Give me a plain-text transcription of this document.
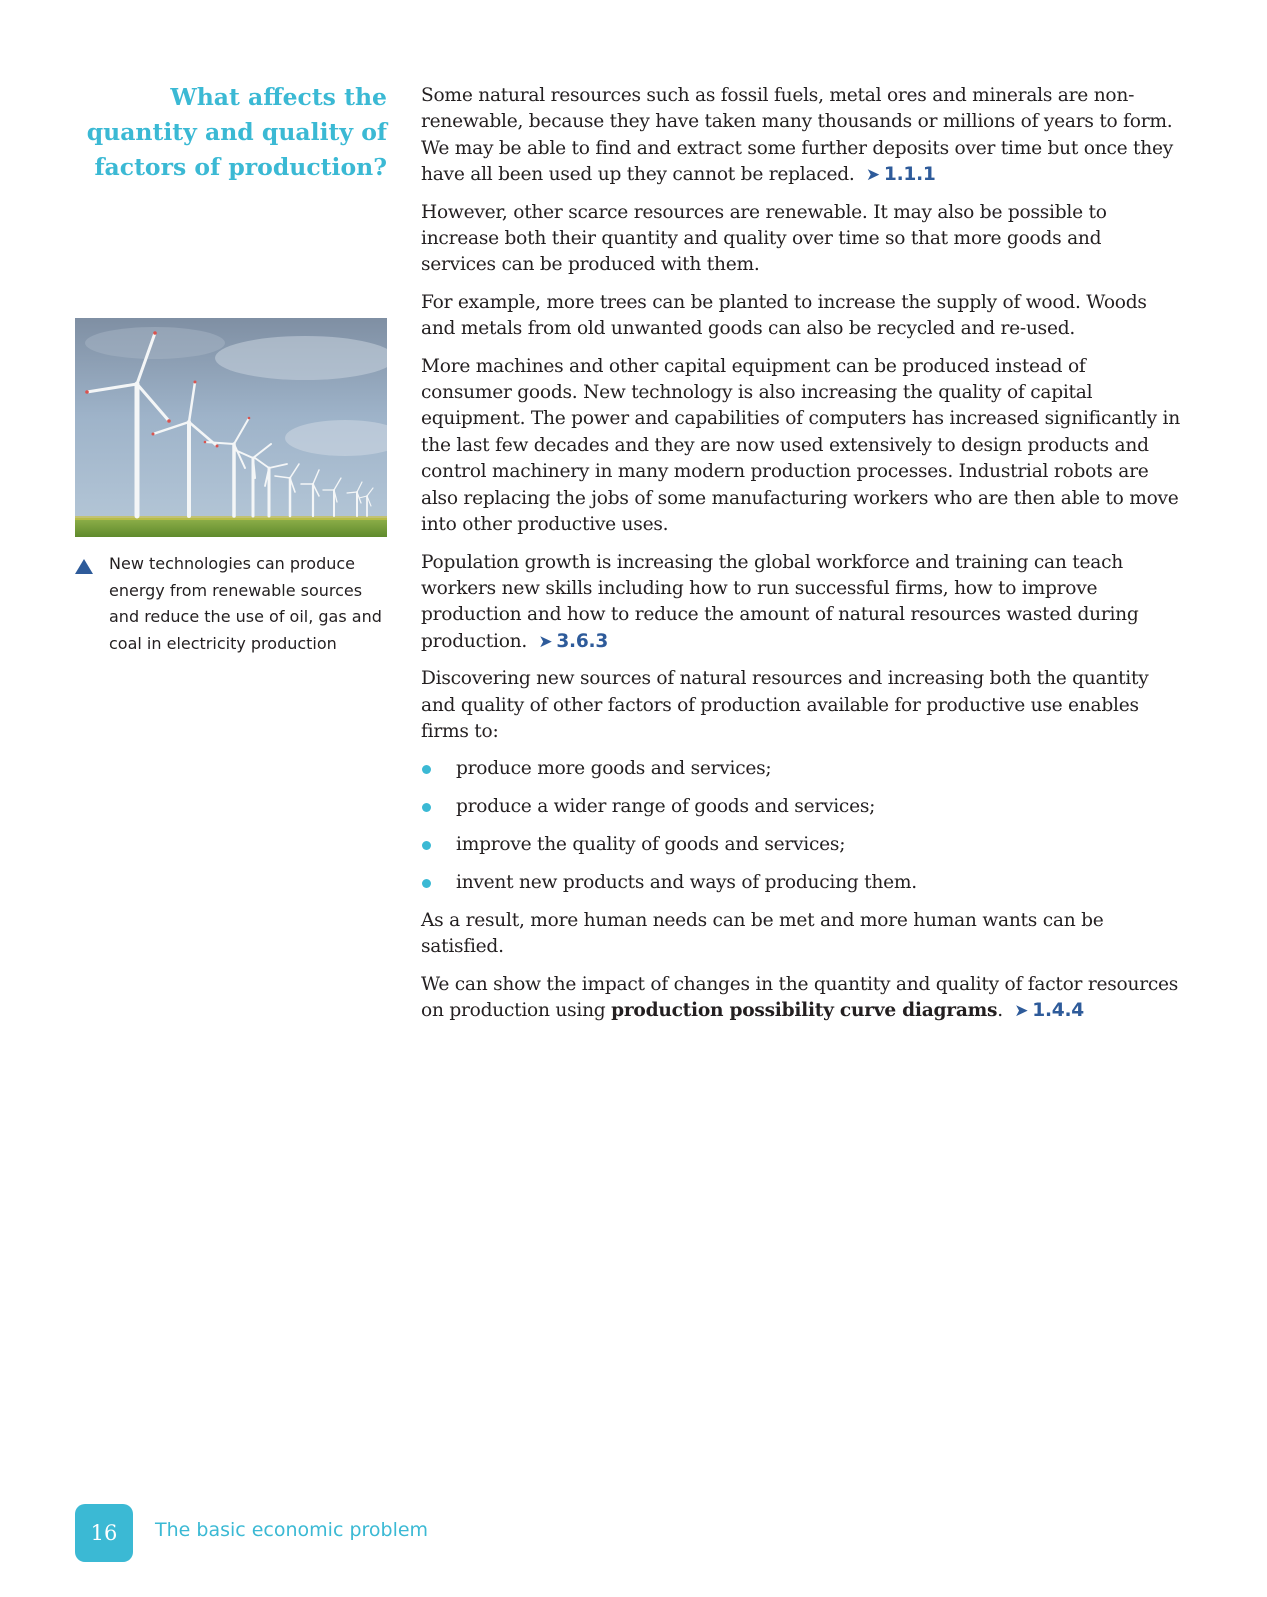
What affects the quantity and quality of factors of production?
New technologies can produce energy from renewable sources and reduce the use of oil, gas and coal in electricity production

Some natural resources such as fossil fuels, metal ores and minerals are non-renewable, because they have taken many thousands or millions of years to form. We may be able to find and extract some further deposits over time but once they have all been used up they cannot be replaced. ➤ 1.1.1

However, other scarce resources are renewable. It may also be possible to increase both their quantity and quality over time so that more goods and services can be produced with them.

For example, more trees can be planted to increase the supply of wood. Woods and metals from old unwanted goods can also be recycled and re-used.

More machines and other capital equipment can be produced instead of consumer goods. New technology is also increasing the quality of capital equipment. The power and capabilities of computers has increased significantly in the last few decades and they are now used extensively to design products and control machinery in many modern production processes. Industrial robots are also replacing the jobs of some manufacturing workers who are then able to move into other productive uses.

Population growth is increasing the global workforce and training can teach workers new skills including how to run successful firms, how to improve production and how to reduce the amount of natural resources wasted during production. ➤ 3.6.3

Discovering new sources of natural resources and increasing both the quantity and quality of other factors of production available for productive use enables firms to:

produce more goods and services;
produce a wider range of goods and services;
improve the quality of goods and services;
invent new products and ways of producing them.

As a result, more human needs can be met and more human wants can be satisfied.

We can show the impact of changes in the quantity and quality of factor resources on production using production possibility curve diagrams. ➤ 1.4.4

16 The basic economic problem
